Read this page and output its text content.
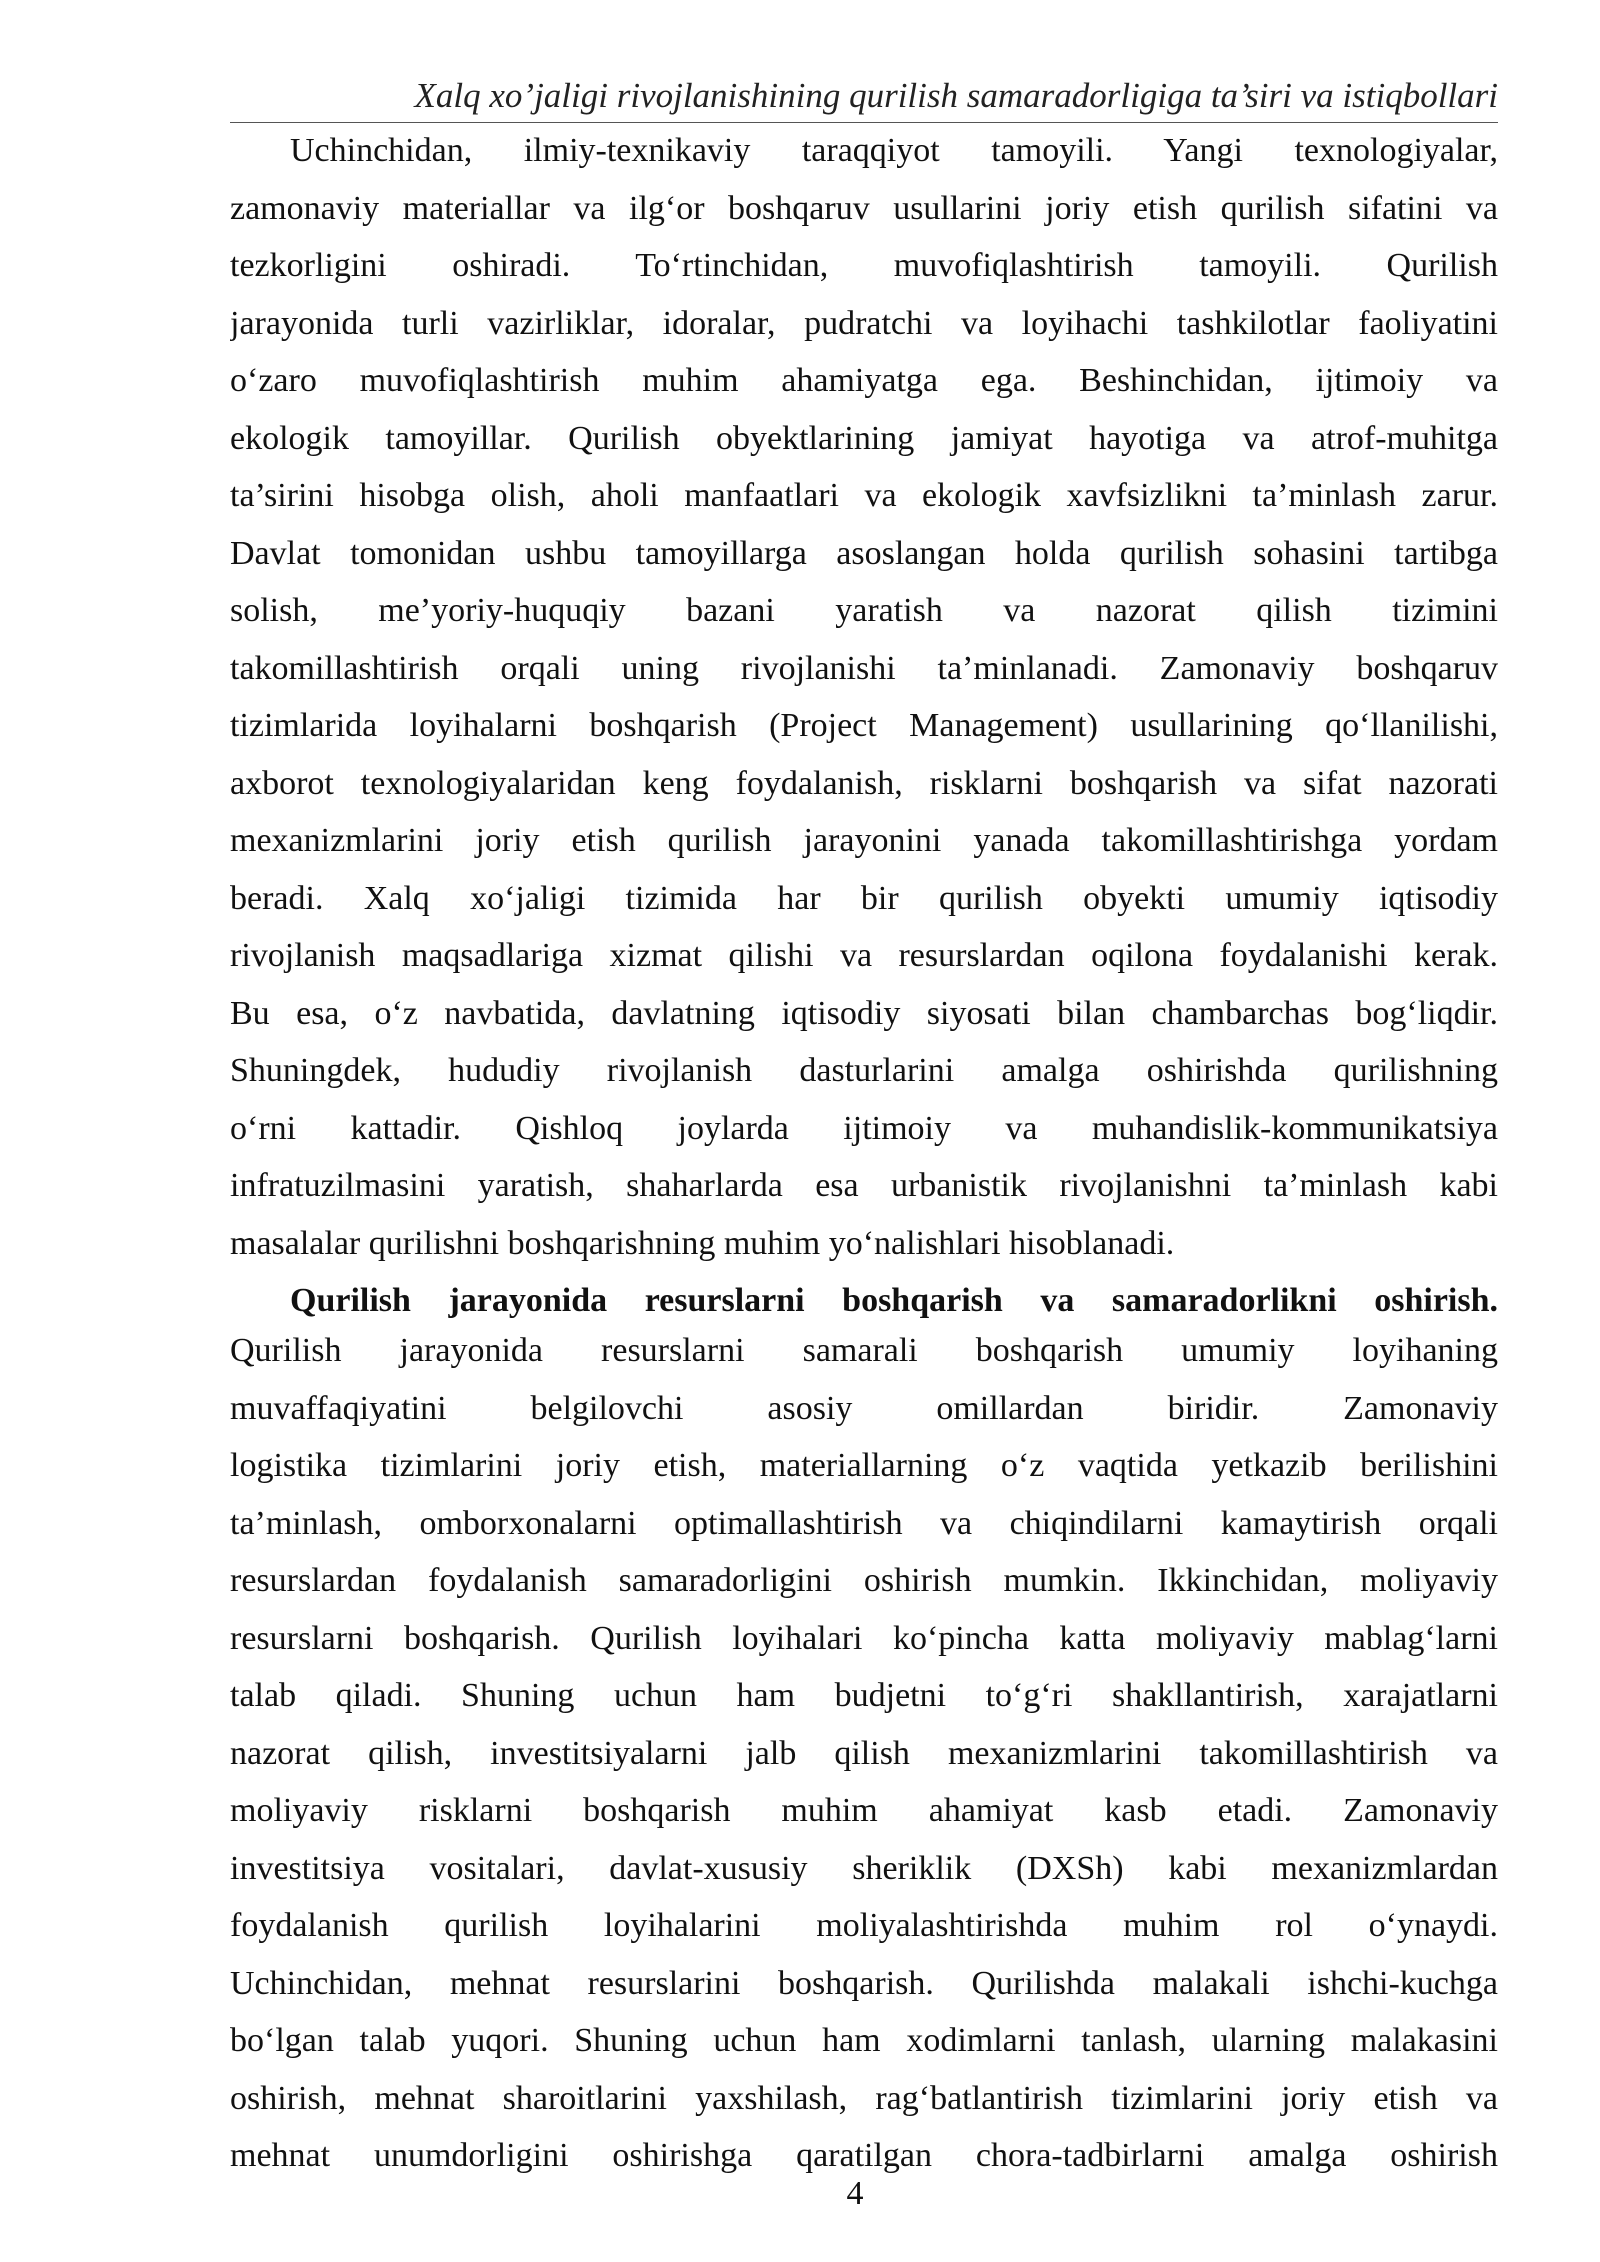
Xalq xo’jaligi rivojlanishining qurilish samaradorligiga ta’siri va istiqbollari
Uchinchidan, ilmiy-texnikaviy taraqqiyot tamoyili. Yangi texnologiyalar,
zamonaviy materiallar va ilg‘or boshqaruv usullarini joriy etish qurilish sifatini va
tezkorligini oshiradi. To‘rtinchidan, muvofiqlashtirish tamoyili. Qurilish
jarayonida turli vazirliklar, idoralar, pudratchi va loyihachi tashkilotlar faoliyatini
o‘zaro muvofiqlashtirish muhim ahamiyatga ega. Beshinchidan, ijtimoiy va
ekologik tamoyillar. Qurilish obyektlarining jamiyat hayotiga va atrof-muhitga
ta’sirini hisobga olish, aholi manfaatlari va ekologik xavfsizlikni ta’minlash zarur.
Davlat tomonidan ushbu tamoyillarga asoslangan holda qurilish sohasini tartibga
solish, me’yoriy-huquqiy bazani yaratish va nazorat qilish tizimini
takomillashtirish orqali uning rivojlanishi ta’minlanadi. Zamonaviy boshqaruv
tizimlarida loyihalarni boshqarish (Project Management) usullarining qo‘llanilishi,
axborot texnologiyalaridan keng foydalanish, risklarni boshqarish va sifat nazorati
mexanizmlarini joriy etish qurilish jarayonini yanada takomillashtirishga yordam
beradi. Xalq xo‘jaligi tizimida har bir qurilish obyekti umumiy iqtisodiy
rivojlanish maqsadlariga xizmat qilishi va resurslardan oqilona foydalanishi kerak.
Bu esa, o‘z navbatida, davlatning iqtisodiy siyosati bilan chambarchas bog‘liqdir.
Shuningdek, hududiy rivojlanish dasturlarini amalga oshirishda qurilishning
o‘rni kattadir. Qishloq joylarda ijtimoiy va muhandislik-kommunikatsiya
infratuzilmasini yaratish, shaharlarda esa urbanistik rivojlanishni ta’minlash kabi
masalalar qurilishni boshqarishning muhim yo‘nalishlari hisoblanadi.
Qurilish jarayonida resurslarni boshqarish va samaradorlikni oshirish.
Qurilish jarayonida resurslarni samarali boshqarish umumiy loyihaning
muvaffaqiyatini belgilovchi asosiy omillardan biridir. Zamonaviy
logistika tizimlarini joriy etish, materiallarning o‘z vaqtida yetkazib berilishini
ta’minlash, omborxonalarni optimallashtirish va chiqindilarni kamaytirish orqali
resurslardan foydalanish samaradorligini oshirish mumkin. Ikkinchidan, moliyaviy
resurslarni boshqarish. Qurilish loyihalari ko‘pincha katta moliyaviy mablag‘larni
talab qiladi. Shuning uchun ham budjetni to‘g‘ri shakllantirish, xarajatlarni
nazorat qilish, investitsiyalarni jalb qilish mexanizmlarini takomillashtirish va
moliyaviy risklarni boshqarish muhim ahamiyat kasb etadi. Zamonaviy
investitsiya vositalari, davlat-xususiy sheriklik (DXSh) kabi mexanizmlardan
foydalanish qurilish loyihalarini moliyalashtirishda muhim rol o‘ynaydi.
Uchinchidan, mehnat resurslarini boshqarish. Qurilishda malakali ishchi-kuchga
bo‘lgan talab yuqori. Shuning uchun ham xodimlarni tanlash, ularning malakasini
oshirish, mehnat sharoitlarini yaxshilash, rag‘batlantirish tizimlarini joriy etish va
mehnat unumdorligini oshirishga qaratilgan chora-tadbirlarni amalga oshirish
4
